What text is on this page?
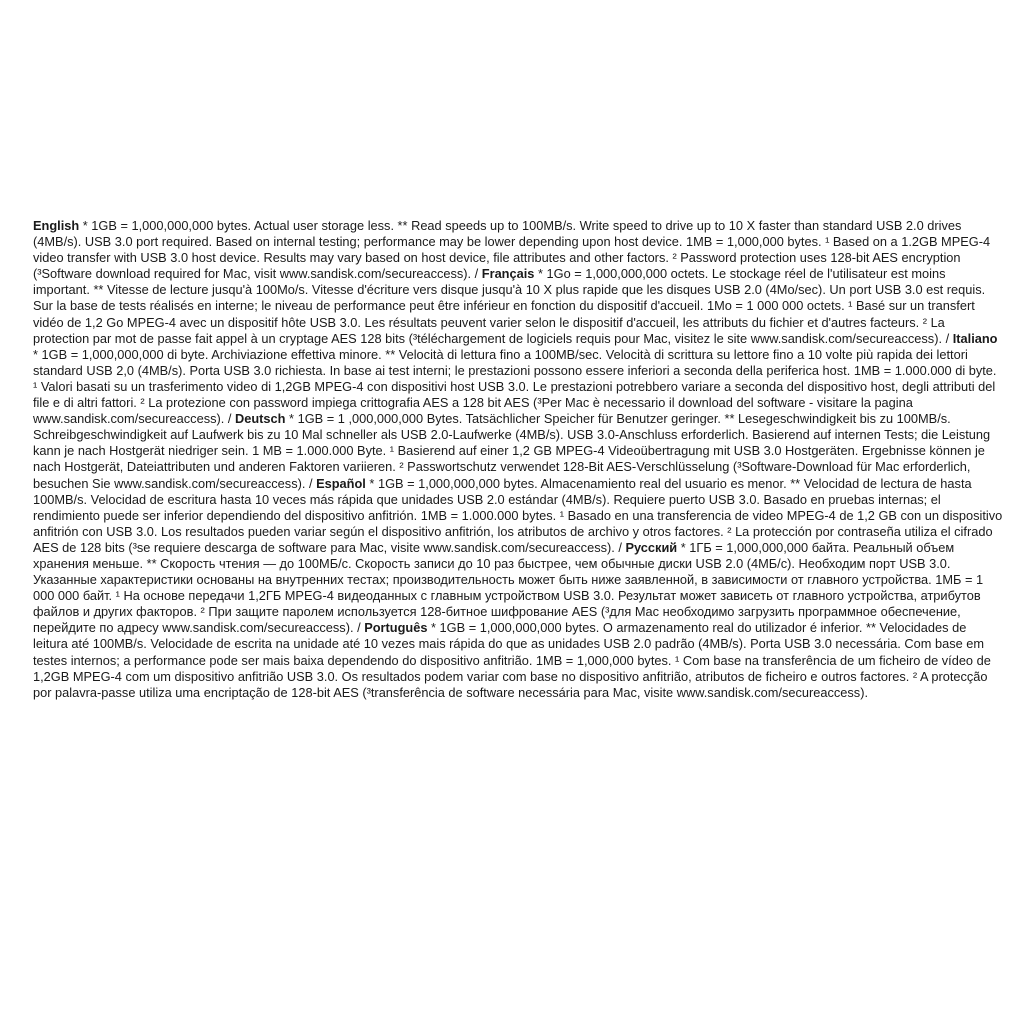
English * 1GB = 1,000,000,000 bytes. Actual user storage less. ** Read speeds up to 100MB/s. Write speed to drive up to 10 X faster than standard USB 2.0 drives (4MB/s). USB 3.0 port required. Based on internal testing; performance may be lower depending upon host device. 1MB = 1,000,000 bytes. ¹ Based on a 1.2GB MPEG-4 video transfer with USB 3.0 host device. Results may vary based on host device, file attributes and other factors. ² Password protection uses 128-bit AES encryption (³Software download required for Mac, visit www.sandisk.com/secureaccess). / Français * 1Go = 1,000,000,000 octets. Le stockage réel de l'utilisateur est moins important. ** Vitesse de lecture jusqu'à 100Mo/s. Vitesse d'écriture vers disque jusqu'à 10 X plus rapide que les disques USB 2.0 (4Mo/sec). Un port USB 3.0 est requis. Sur la base de tests réalisés en interne; le niveau de performance peut être inférieur en fonction du dispositif d'accueil. 1Mo = 1 000 000 octets. ¹ Basé sur un transfert vidéo de 1,2 Go MPEG-4 avec un dispositif hôte USB 3.0. Les résultats peuvent varier selon le dispositif d'accueil, les attributs du fichier et d'autres facteurs. ² La protection par mot de passe fait appel à un cryptage AES 128 bits (³téléchargement de logiciels requis pour Mac, visitez le site www.sandisk.com/secureaccess). / Italiano * 1GB = 1,000,000,000 di byte. Archiviazione effettiva minore. ** Velocità di lettura fino a 100MB/sec. Velocità di scrittura su lettore fino a 10 volte più rapida dei lettori standard USB 2,0 (4MB/s). Porta USB 3.0 richiesta. In base ai test interni; le prestazioni possono essere inferiori a seconda della periferica host. 1MB = 1.000.000 di byte. ¹ Valori basati su un trasferimento video di 1,2GB MPEG-4 con dispositivi host USB 3.0. Le prestazioni potrebbero variare a seconda del dispositivo host, degli attributi del file e di altri fattori. ² La protezione con password impiega crittografia AES a 128 bit AES (³Per Mac è necessario il download del software - visitare la pagina www.sandisk.com/secureaccess). / Deutsch * 1GB = 1 ,000,000,000 Bytes. Tatsächlicher Speicher für Benutzer geringer. ** Lesegeschwindigkeit bis zu 100MB/s. Schreibgeschwindigkeit auf Laufwerk bis zu 10 Mal schneller als USB 2.0-Laufwerke (4MB/s). USB 3.0-Anschluss erforderlich. Basierend auf internen Tests; die Leistung kann je nach Hostgerät niedriger sein. 1 MB = 1.000.000 Byte. ¹ Basierend auf einer 1,2 GB MPEG-4 Videoübertragung mit USB 3.0 Hostgeräten. Ergebnisse können je nach Hostgerät, Dateiattributen und anderen Faktoren variieren. ² Passwortschutz verwendet 128-Bit AES-Verschlüsselung (³Software-Download für Mac erforderlich, besuchen Sie www.sandisk.com/secureaccess). / Español * 1GB = 1,000,000,000 bytes. Almacenamiento real del usuario es menor. ** Velocidad de lectura de hasta 100MB/s. Velocidad de escritura hasta 10 veces más rápida que unidades USB 2.0 estándar (4MB/s). Requiere puerto USB 3.0. Basado en pruebas internas; el rendimiento puede ser inferior dependiendo del dispositivo anfitrión. 1MB = 1.000.000 bytes. ¹ Basado en una transferencia de video MPEG-4 de 1,2 GB con un dispositivo anfitrión con USB 3.0. Los resultados pueden variar según el dispositivo anfitrión, los atributos de archivo y otros factores. ² La protección por contraseña utiliza el cifrado AES de 128 bits (³se requiere descarga de software para Mac, visite www.sandisk.com/secureaccess). / Русский * 1ГБ = 1,000,000,000 байта. Реальный объем хранения меньше. ** Скорость чтения — до 100МБ/с. Скорость записи до 10 раз быстрее, чем обычные диски USB 2.0 (4МБ/с). Необходим порт USB 3.0. Указанные характеристики основаны на внутренних тестах; производительность может быть ниже заявленной, в зависимости от главного устройства. 1МБ = 1 000 000 байт. ¹ На основе передачи 1,2ГБ MPEG-4 видеоданных с главным устройством USB 3.0. Результат может зависеть от главного устройства, атрибутов файлов и других факторов. ² При защите паролем используется 128-битное шифрование AES (³для Mac необходимо загрузить программное обеспечение, перейдите по адресу www.sandisk.com/secureaccess). / Português * 1GB = 1,000,000,000 bytes. O armazenamento real do utilizador é inferior. ** Velocidades de leitura até 100MB/s. Velocidade de escrita na unidade até 10 vezes mais rápida do que as unidades USB 2.0 padrão (4MB/s). Porta USB 3.0 necessária. Com base em testes internos; a performance pode ser mais baixa dependendo do dispositivo anfitrião. 1MB = 1,000,000 bytes. ¹ Com base na transferência de um ficheiro de vídeo de 1,2GB MPEG-4 com um dispositivo anfitrião USB 3.0. Os resultados podem variar com base no dispositivo anfitrião, atributos de ficheiro e outros factores. ² A protecção por palavra-passe utiliza uma encriptação de 128-bit AES (³transferência de software necessária para Mac, visite www.sandisk.com/secureaccess).
